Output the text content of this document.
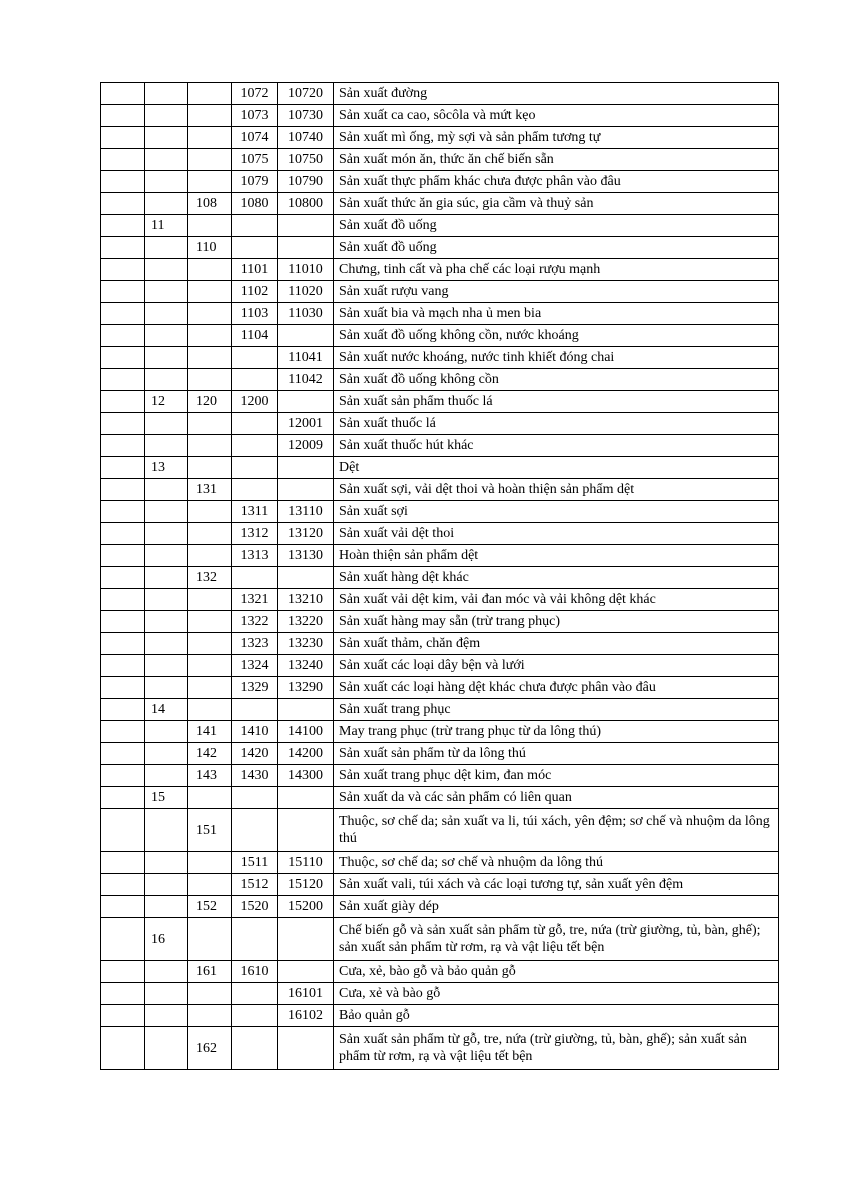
			1072	10720	Sản xuất đường
			1073	10730	Sản xuất ca cao, sôcôla và mứt kẹo
			1074	10740	Sản xuất mì ống, mỳ sợi và sản phẩm tương tự
			1075	10750	Sản xuất món ăn, thức ăn chế biến sẵn
			1079	10790	Sản xuất thực phẩm khác chưa được phân vào đâu
		108	1080	10800	Sản xuất thức ăn gia súc, gia cầm và thuỷ sản
	11				Sản xuất đồ uống
		110			Sản xuất đồ uống
			1101	11010	Chưng, tinh cất và pha chế các loại rượu mạnh
			1102	11020	Sản xuất rượu vang
			1103	11030	Sản xuất bia và mạch nha ủ men bia
			1104		Sản xuất đồ uống không cồn, nước khoáng
				11041	Sản xuất nước khoáng, nước tinh khiết đóng chai
				11042	Sản xuất đồ uống không cồn
	12	120	1200		Sản xuất sản phẩm thuốc lá
				12001	Sản xuất thuốc lá
				12009	Sản xuất thuốc hút khác
	13				Dệt
		131			Sản xuất sợi, vải dệt thoi và hoàn thiện sản phẩm dệt
			1311	13110	Sản xuất sợi
			1312	13120	Sản xuất vải dệt thoi
			1313	13130	Hoàn thiện sản phẩm dệt
		132			Sản xuất hàng dệt khác
			1321	13210	Sản xuất vải dệt kim, vải đan móc và vải không dệt khác
			1322	13220	Sản xuất hàng may sẵn (trừ trang phục)
			1323	13230	Sản xuất thảm, chăn đệm
			1324	13240	Sản xuất các loại dây bện và lưới
			1329	13290	Sản xuất các loại hàng dệt khác chưa được phân vào đâu
	14				Sản xuất trang phục
		141	1410	14100	May trang phục (trừ trang phục từ da lông thú)
		142	1420	14200	Sản xuất sản phẩm từ da lông thú
		143	1430	14300	Sản xuất trang phục dệt kim, đan móc
	15				Sản xuất da và các sản phẩm có liên quan
		151			Thuộc, sơ chế da; sản xuất va li, túi xách, yên đệm; sơ chế và nhuộm da lông thú
			1511	15110	Thuộc, sơ chế da; sơ chế và nhuộm da lông thú
			1512	15120	Sản xuất vali, túi xách và các loại tương tự, sản xuất yên đệm
		152	1520	15200	Sản xuất giày dép
	16				Chế biến gỗ và sản xuất sản phẩm từ gỗ, tre, nứa (trừ giường, tủ, bàn, ghế); sản xuất sản phẩm từ rơm, rạ và vật liệu tết bện
		161	1610		Cưa, xẻ, bào gỗ và bảo quản gỗ
				16101	Cưa, xẻ và bào gỗ
				16102	Bảo quản gỗ
		162			Sản xuất sản phẩm từ gỗ, tre, nứa (trừ giường, tủ, bàn, ghế); sản xuất sản phẩm từ rơm, rạ và vật liệu tết bện
